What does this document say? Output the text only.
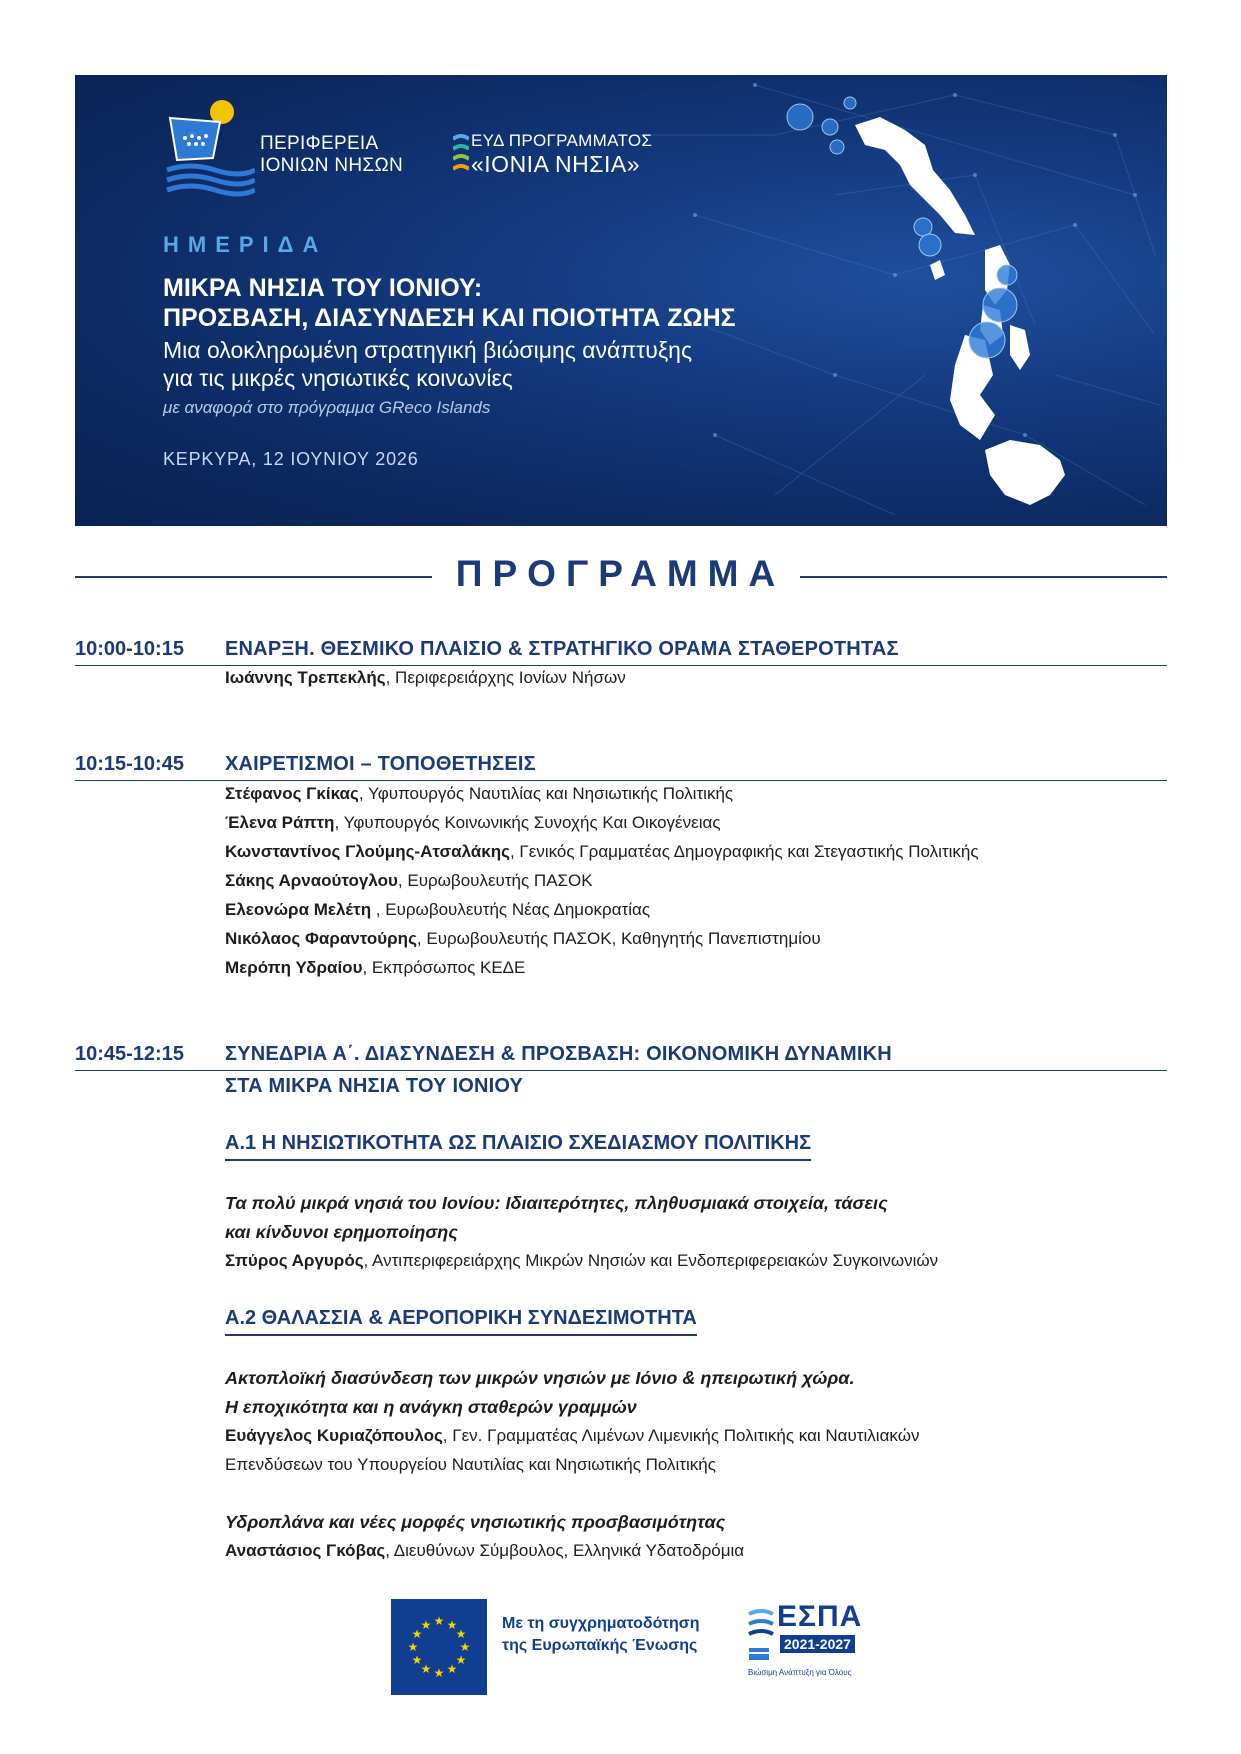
ΠΕΡΙΦΕΡΕΙΑ
ΙΟΝΙΩΝ ΝΗΣΩΝ
ΕΥΔ ΠΡΟΓΡΑΜΜΑΤΟΣ
«ΙΟΝΙΑ ΝΗΣΙΑ»
ΗΜΕΡΙΔΑ
ΜΙΚΡΑ ΝΗΣΙΑ ΤΟΥ ΙΟΝΙΟΥ:
ΠΡΟΣΒΑΣΗ, ΔΙΑΣΥΝΔΕΣΗ ΚΑΙ ΠΟΙΟΤΗΤΑ ΖΩΗΣ
Μια ολοκληρωμένη στρατηγική βιώσιμης ανάπτυξης
για τις μικρές νησιωτικές κοινωνίες
με αναφορά στο πρόγραμμα GReco Islands
ΚΕΡΚΥΡΑ, 12 ΙΟΥΝΙΟΥ 2026
ΠΡΟΓΡΑΜΜΑ
10:00-10:15 ΕΝΑΡΞΗ. ΘΕΣΜΙΚΟ ΠΛΑΙΣΙΟ & ΣΤΡΑΤΗΓΙΚΟ ΟΡΑΜΑ ΣΤΑΘΕΡΟΤΗΤΑΣ
Ιωάννης Τρεπεκλής, Περιφερειάρχης Ιονίων Νήσων
10:15-10:45 ΧΑΙΡΕΤΙΣΜΟΙ – ΤΟΠΟΘΕΤΗΣΕΙΣ
Στέφανος Γκίκας, Υφυπουργός Ναυτιλίας και Νησιωτικής Πολιτικής
Έλενα Ράπτη, Υφυπουργός Κοινωνικής Συνοχής Και Οικογένειας
Κωνσταντίνος Γλούμης-Ατσαλάκης, Γενικός Γραμματέας Δημογραφικής και Στεγαστικής Πολιτικής
Σάκης Αρναούτογλου, Ευρωβουλευτής ΠΑΣΟΚ
Ελεονώρα Μελέτη , Ευρωβουλευτής Νέας Δημοκρατίας
Νικόλαος Φαραντούρης, Ευρωβουλευτής ΠΑΣΟΚ, Καθηγητής Πανεπιστημίου
Μερόπη Υδραίου, Εκπρόσωπος ΚΕΔΕ
10:45-12:15 ΣΥΝΕΔΡΙΑ Α΄. ΔΙΑΣΥΝΔΕΣΗ & ΠΡΟΣΒΑΣΗ: ΟΙΚΟΝΟΜΙΚΗ ΔΥΝΑΜΙΚΗ
ΣΤΑ ΜΙΚΡΑ ΝΗΣΙΑ ΤΟΥ ΙΟΝΙΟΥ
Α.1 Η ΝΗΣΙΩΤΙΚΟΤΗΤΑ ΩΣ ΠΛΑΙΣΙΟ ΣΧΕΔΙΑΣΜΟΥ ΠΟΛΙΤΙΚΗΣ
Τα πολύ μικρά νησιά του Ιονίου: Ιδιαιτερότητες, πληθυσμιακά στοιχεία, τάσεις
και κίνδυνοι ερημοποίησης
Σπύρος Αργυρός, Αντιπεριφερειάρχης Μικρών Νησιών και Ενδοπεριφερειακών Συγκοινωνιών
Α.2 ΘΑΛΑΣΣΙΑ & ΑΕΡΟΠΟΡΙΚΗ ΣΥΝΔΕΣΙΜΟΤΗΤΑ
Ακτοπλοϊκή διασύνδεση των μικρών νησιών με Ιόνιο & ηπειρωτική χώρα.
Η εποχικότητα και η ανάγκη σταθερών γραμμών
Ευάγγελος Κυριαζόπουλος, Γεν. Γραμματέας Λιμένων Λιμενικής Πολιτικής και Ναυτιλιακών
Επενδύσεων του Υπουργείου Ναυτιλίας και Νησιωτικής Πολιτικής
Υδροπλάνα και νέες μορφές νησιωτικής προσβασιμότητας
Αναστάσιος Γκόβας, Διευθύνων Σύμβουλος, Ελληνικά Υδατοδρόμια
★ ★
★
★
★
★
★
★
★
★
★
★	Με τη συγχρηματοδότηση
της Ευρωπαϊκής Ένωσης
ΕΣΠΑ
2021-2027
Βιώσιμη Ανάπτυξη για Όλους
